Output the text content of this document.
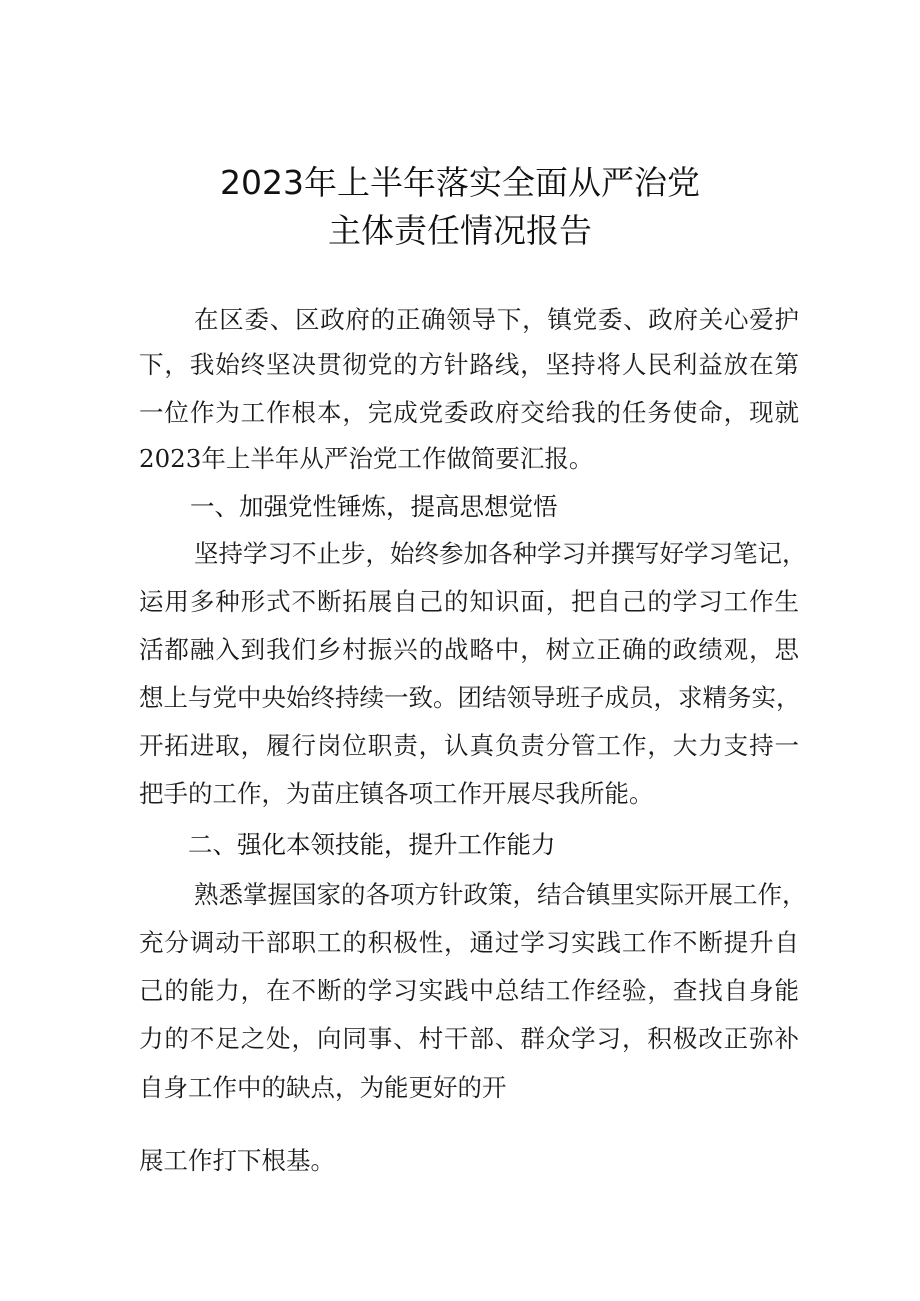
2023年上半年落实全面从严治党
主体责任情况报告
在区委、区政府的正确领导下，镇党委、政府关心爱护
下，我始终坚决贯彻党的方针路线，坚持将人民利益放在第
一位作为工作根本，完成党委政府交给我的任务使命，现就
2023年上半年从严治党工作做简要汇报。
一、加强党性锤炼，提高思想觉悟
坚持学习不止步，始终参加各种学习并撰写好学习笔记，
运用多种形式不断拓展自己的知识面，把自己的学习工作生
活都融入到我们乡村振兴的战略中，树立正确的政绩观，思
想上与党中央始终持续一致。团结领导班子成员，求精务实，
开拓进取，履行岗位职责，认真负责分管工作，大力支持一
把手的工作，为苗庄镇各项工作开展尽我所能。
二、强化本领技能，提升工作能力
熟悉掌握国家的各项方针政策，结合镇里实际开展工作，
充分调动干部职工的积极性，通过学习实践工作不断提升自
己的能力，在不断的学习实践中总结工作经验，查找自身能
力的不足之处，向同事、村干部、群众学习，积极改正弥补
自身工作中的缺点，为能更好的开
展工作打下根基。
